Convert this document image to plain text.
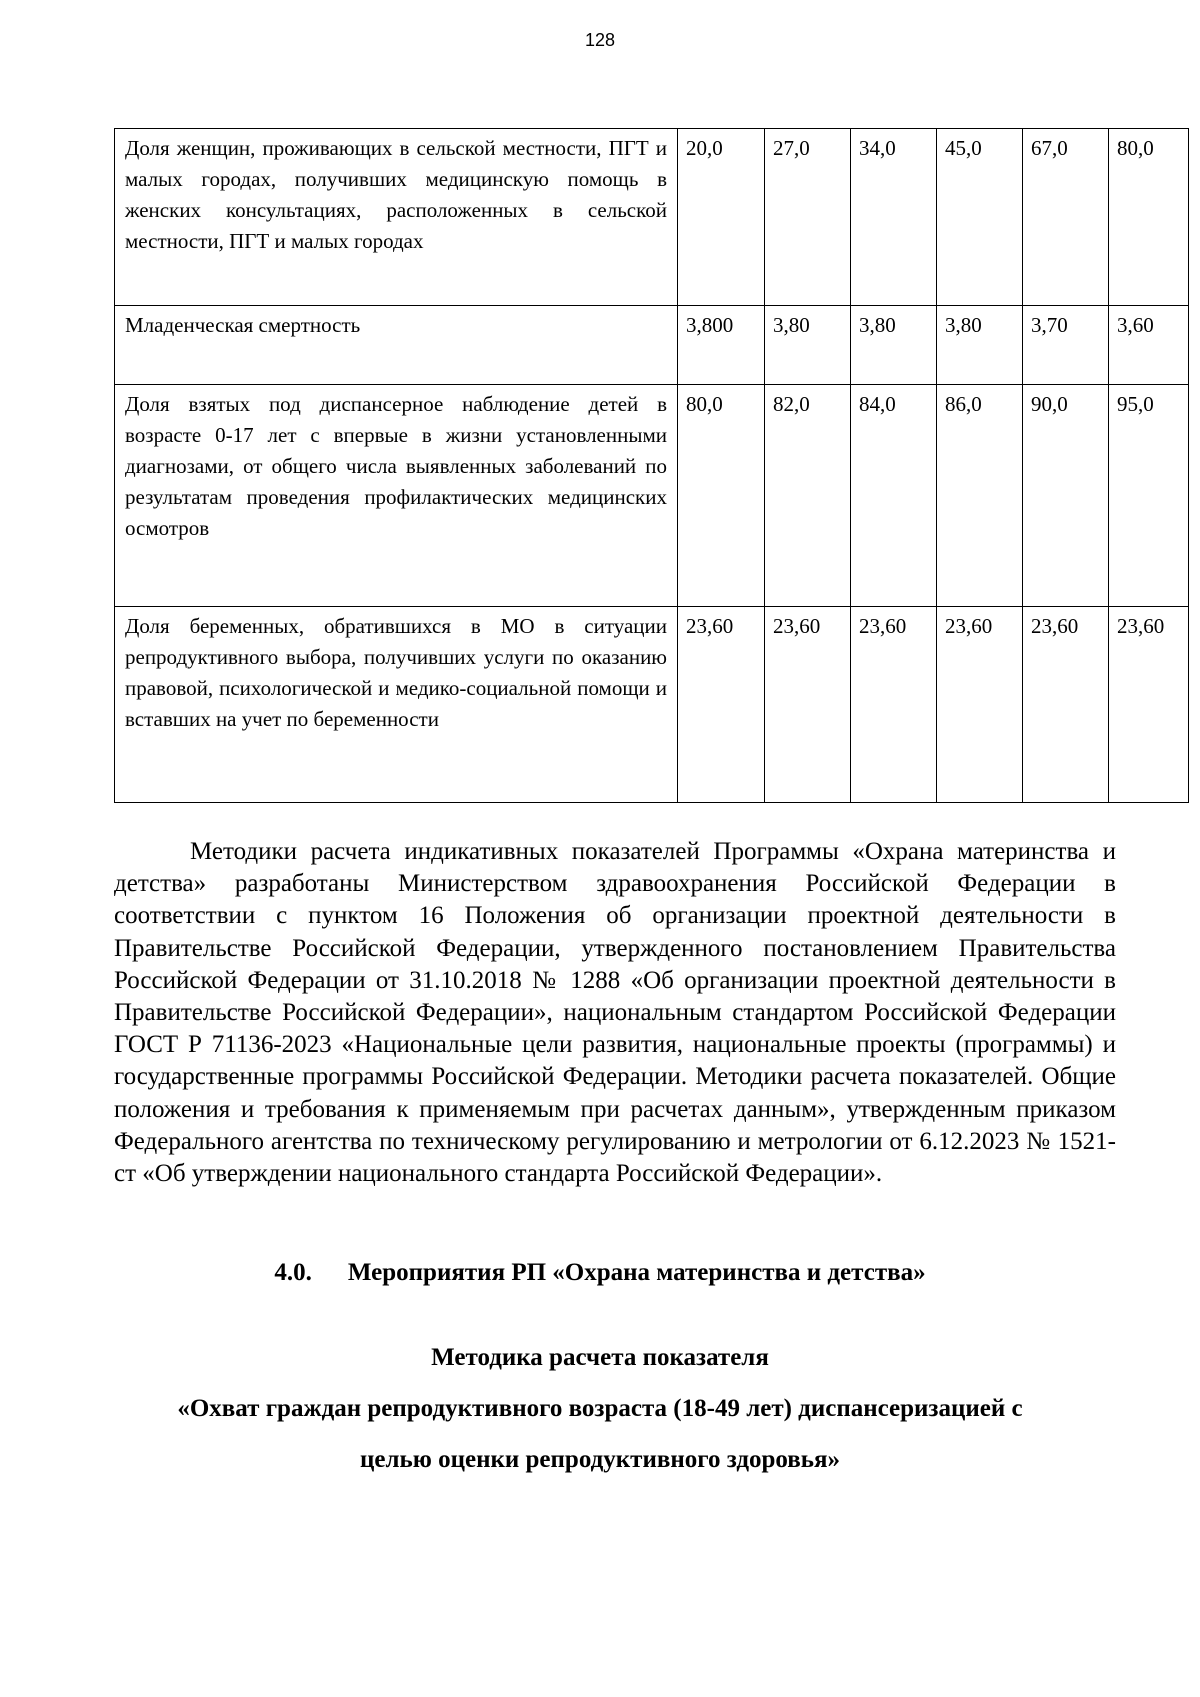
128
Доля женщин, проживающих в сельской местности, ПГТ и малых городах, получивших медицинскую помощь в женских консультациях, расположенных в сельской местности, ПГТ и малых городах	20,0	27,0	34,0	45,0	67,0	80,0
Младенческая смертность	3,800	3,80	3,80	3,80	3,70	3,60
Доля взятых под диспансерное наблюдение детей в возрасте 0-17 лет с впервые в жизни установленными диагнозами, от общего числа выявленных заболеваний по результатам проведения профилактических медицинских осмотров	80,0	82,0	84,0	86,0	90,0	95,0
Доля беременных, обратившихся в МО в ситуации репродуктивного выбора, получивших услуги по оказанию правовой, психологической и медико-социальной помощи и вставших на учет по беременности	23,60	23,60	23,60	23,60	23,60	23,60

Методики расчета индикативных показателей Программы «Охрана материнства и детства» разработаны Министерством здравоохранения Российской Федерации в соответствии с пунктом 16 Положения об организации проектной деятельности в Правительстве Российской Федерации, утвержденного постановлением Правительства Российской Федерации от 31.10.2018 № 1288 «Об организации проектной деятельности в Правительстве Российской Федерации», национальным стандартом Российской Федерации ГОСТ Р 71136-2023 «Национальные цели развития, национальные проекты (программы) и государственные программы Российской Федерации. Методики расчета показателей. Общие положения и требования к применяемым при расчетах данным», утвержденным приказом Федерального агентства по техническому регулированию и метрологии от 6.12.2023 № 1521-ст «Об утверждении национального стандарта Российской Федерации».

4.0. Мероприятия РП «Охрана материнства и детства»
Методика расчета показателя
«Охват граждан репродуктивного возраста (18-49 лет) диспансеризацией с
целью оценки репродуктивного здоровья»
